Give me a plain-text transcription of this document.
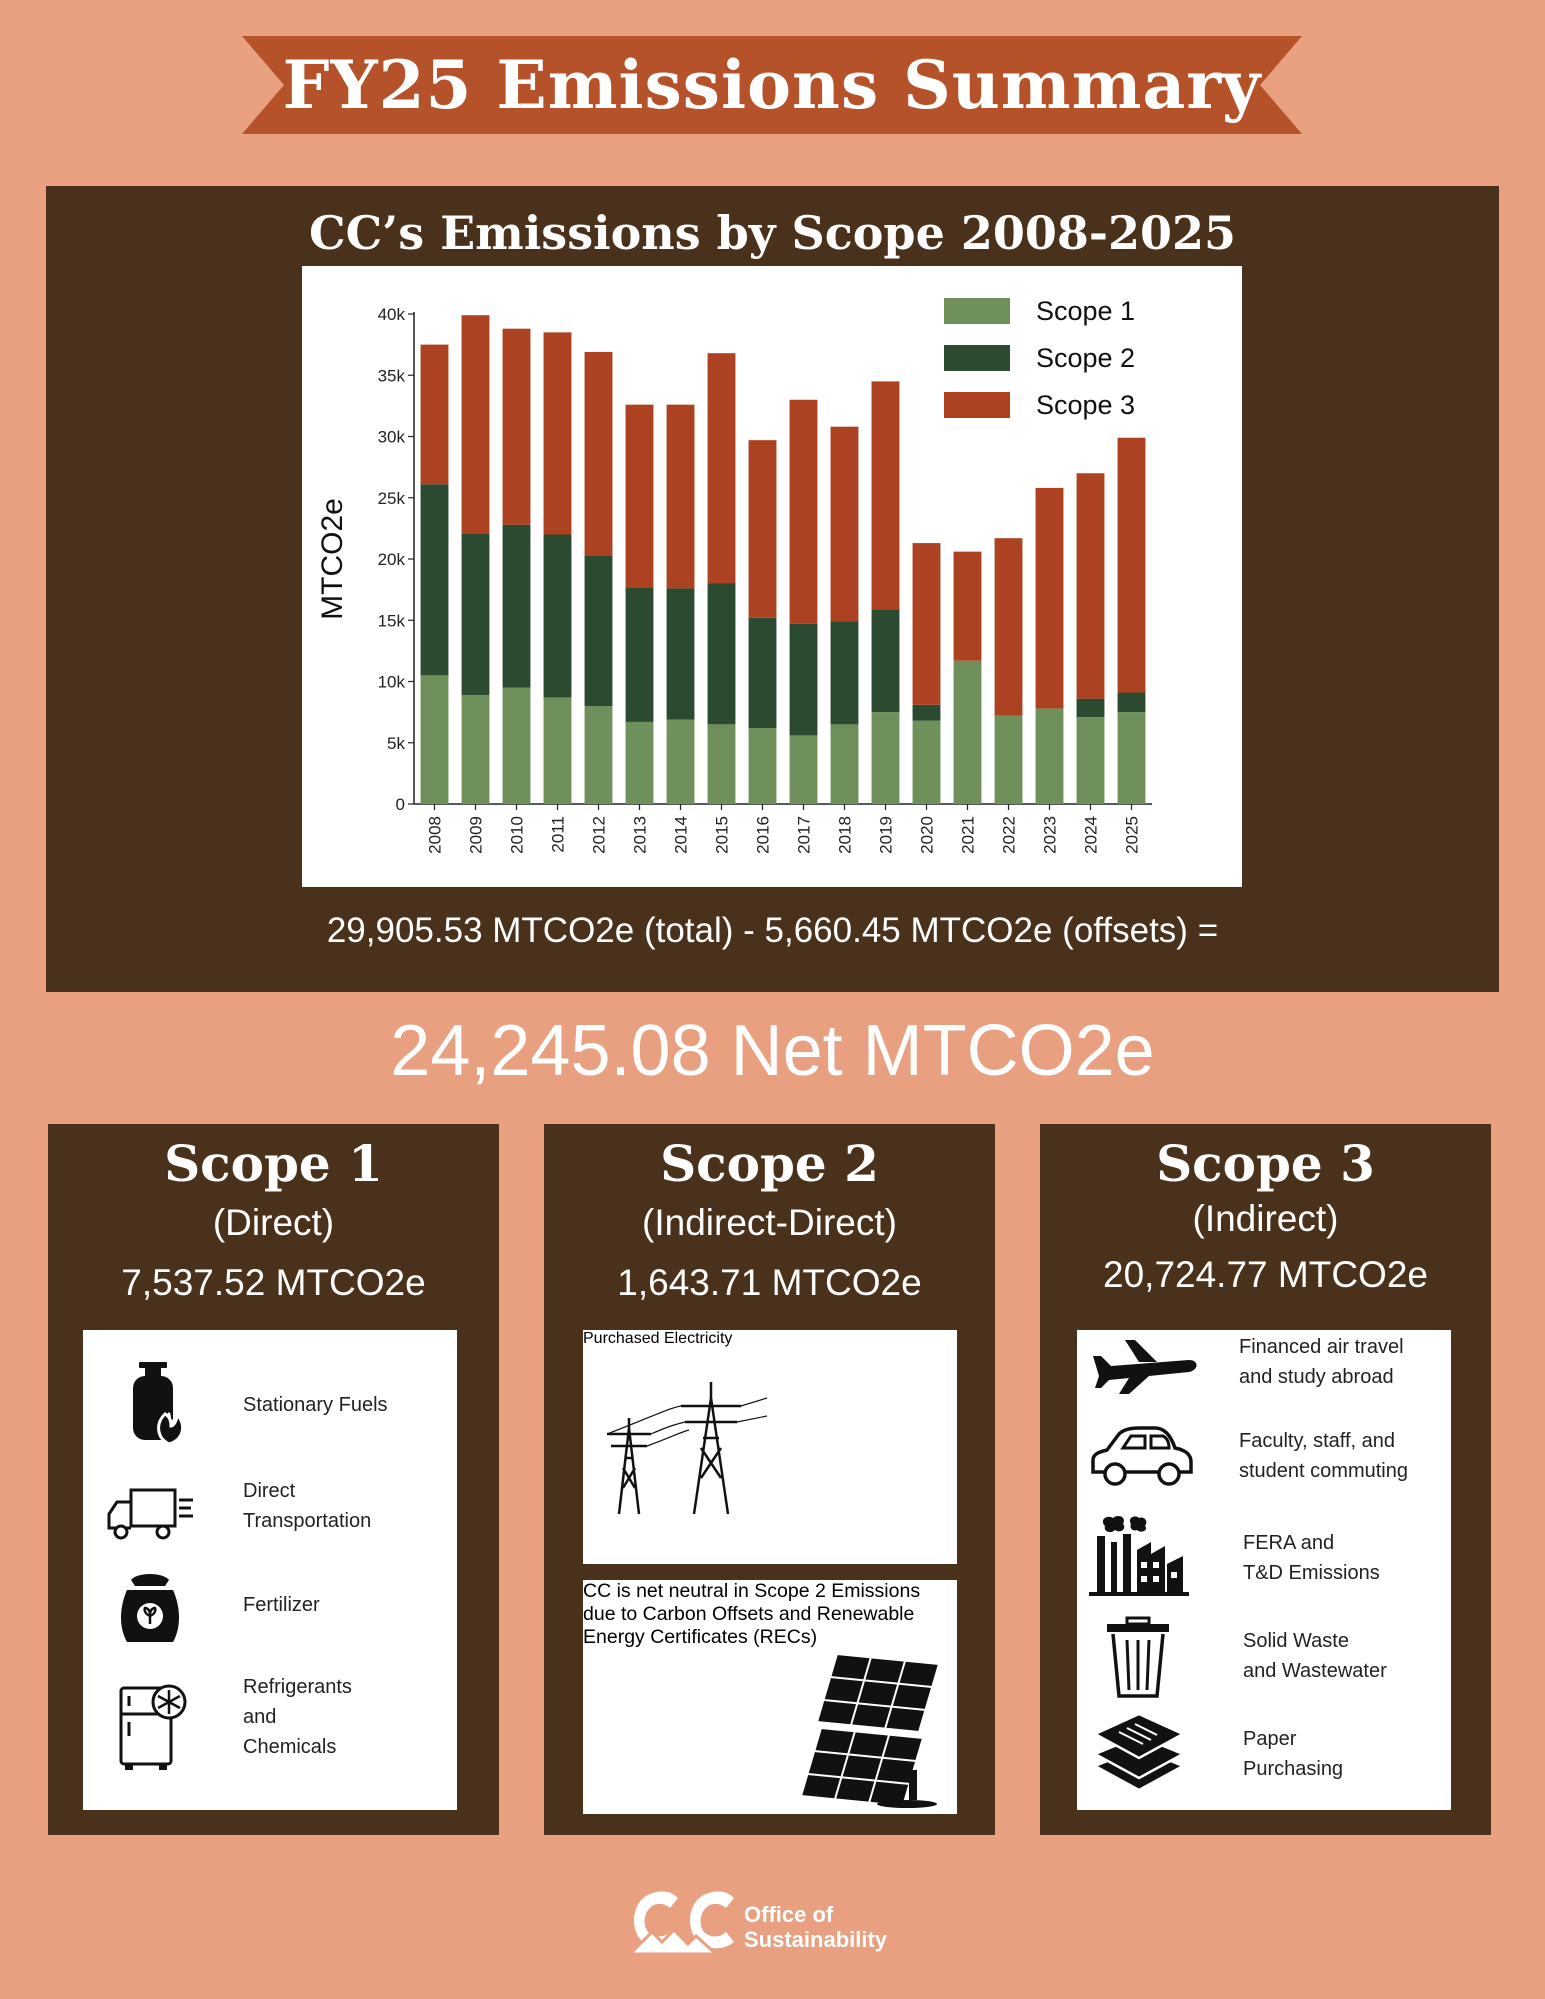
FY25 Emissions Summary
CC’s Emissions by Scope 2008-2025
0
5k
10k
15k
20k
25k
30k
35k
40k
MTCO2e
2008 2009 2010 2011 2012 2013 2014 2015 2016 2017 2018 2019 2020 2021 2022 2023 2024 2025
Scope 1
Scope 2
Scope 3
29,905.53 MTCO2e (total) - 5,660.45 MTCO2e (offsets) =
24,245.08 Net MTCO2e
Scope 1
(Direct)
7,537.52 MTCO2e
Stationary Fuels
Direct
Transportation
Fertilizer
Refrigerants
and
Chemicals
Scope 2
(Indirect-Direct)
1,643.71 MTCO2e
Purchased Electricity
CC is net neutral in Scope 2 Emissions due to Carbon Offsets and Renewable Energy Certificates (RECs)
Scope 3
(Indirect)
20,724.77 MTCO2e
Financed air travel
and study abroad
Faculty, staff, and
student commuting
FERA and
T&D Emissions
Solid Waste
and Wastewater
Paper
Purchasing
Office of
Sustainability
